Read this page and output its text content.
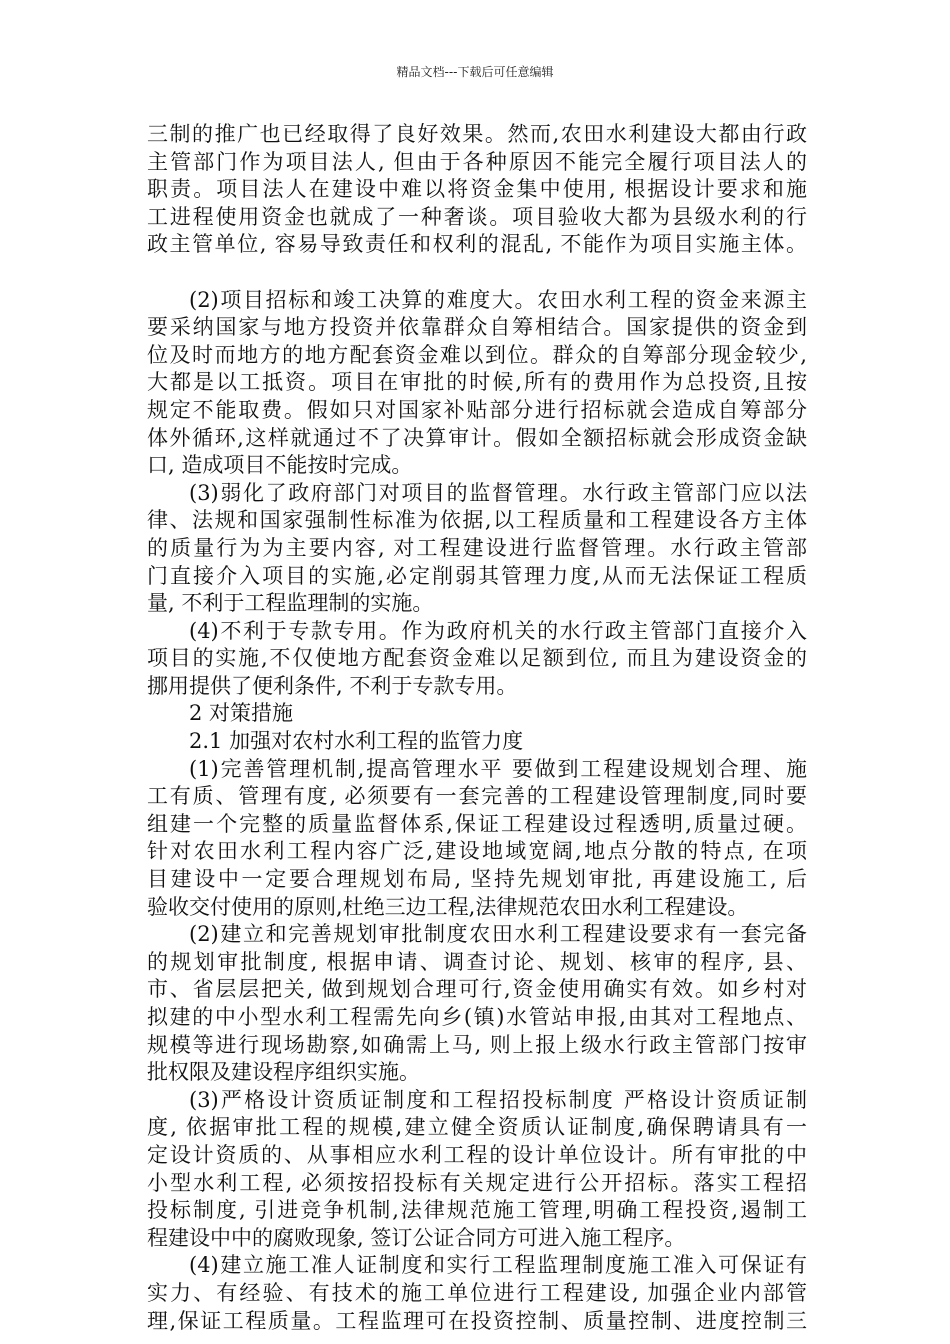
精品文档---下载后可任意编辑
三制的推广也已经取得了良好效果。然而,农田水利建设大都由行政
主管部门作为项目法人, 但由于各种原因不能完全履行项目法人的
职责。项目法人在建设中难以将资金集中使用, 根据设计要求和施
工进程使用资金也就成了一种奢谈。项目验收大都为县级水利的行
政主管单位, 容易导致责任和权利的混乱, 不能作为项目实施主体。
(2)项目招标和竣工决算的难度大。农田水利工程的资金来源主
要采纳国家与地方投资并依靠群众自筹相结合。国家提供的资金到
位及时而地方的地方配套资金难以到位。群众的自筹部分现金较少,
大都是以工抵资。项目在审批的时候,所有的费用作为总投资,且按
规定不能取费。假如只对国家补贴部分进行招标就会造成自筹部分
体外循环,这样就通过不了决算审计。假如全额招标就会形成资金缺
口, 造成项目不能按时完成。
(3)弱化了政府部门对项目的监督管理。水行政主管部门应以法
律、法规和国家强制性标准为依据,以工程质量和工程建设各方主体
的质量行为为主要内容, 对工程建设进行监督管理。水行政主管部
门直接介入项目的实施,必定削弱其管理力度,从而无法保证工程质
量, 不利于工程监理制的实施。
(4)不利于专款专用。作为政府机关的水行政主管部门直接介入
项目的实施,不仅使地方配套资金难以足额到位, 而且为建设资金的
挪用提供了便利条件, 不利于专款专用。
2 对策措施
2.1 加强对农村水利工程的监管力度
(1)完善管理机制,提高管理水平 要做到工程建设规划合理、施
工有质、管理有度, 必须要有一套完善的工程建设管理制度,同时要
组建一个完整的质量监督体系,保证工程建设过程透明,质量过硬。
针对农田水利工程内容广泛,建设地域宽阔,地点分散的特点, 在项
目建设中一定要合理规划布局, 坚持先规划审批, 再建设施工, 后
验收交付使用的原则,杜绝三边工程,法律规范农田水利工程建设。
(2)建立和完善规划审批制度农田水利工程建设要求有一套完备
的规划审批制度, 根据申请、调查讨论、规划、核审的程序, 县、
市、省层层把关, 做到规划合理可行,资金使用确实有效。如乡村对
拟建的中小型水利工程需先向乡(镇)水管站申报,由其对工程地点、
规模等进行现场勘察,如确需上马, 则上报上级水行政主管部门按审
批权限及建设程序组织实施。
(3)严格设计资质证制度和工程招投标制度 严格设计资质证制
度, 依据审批工程的规模,建立健全资质认证制度,确保聘请具有一
定设计资质的、从事相应水利工程的设计单位设计。所有审批的中
小型水利工程, 必须按招投标有关规定进行公开招标。落实工程招
投标制度, 引进竞争机制,法律规范施工管理,明确工程投资,遏制工
程建设中中的腐败现象, 签订公证合同方可进入施工程序。
(4)建立施工准人证制度和实行工程监理制度施工准入可保证有
实力、有经验、有技术的施工单位进行工程建设, 加强企业内部管
理,保证工程质量。工程监理可在投资控制、质量控制、进度控制三
